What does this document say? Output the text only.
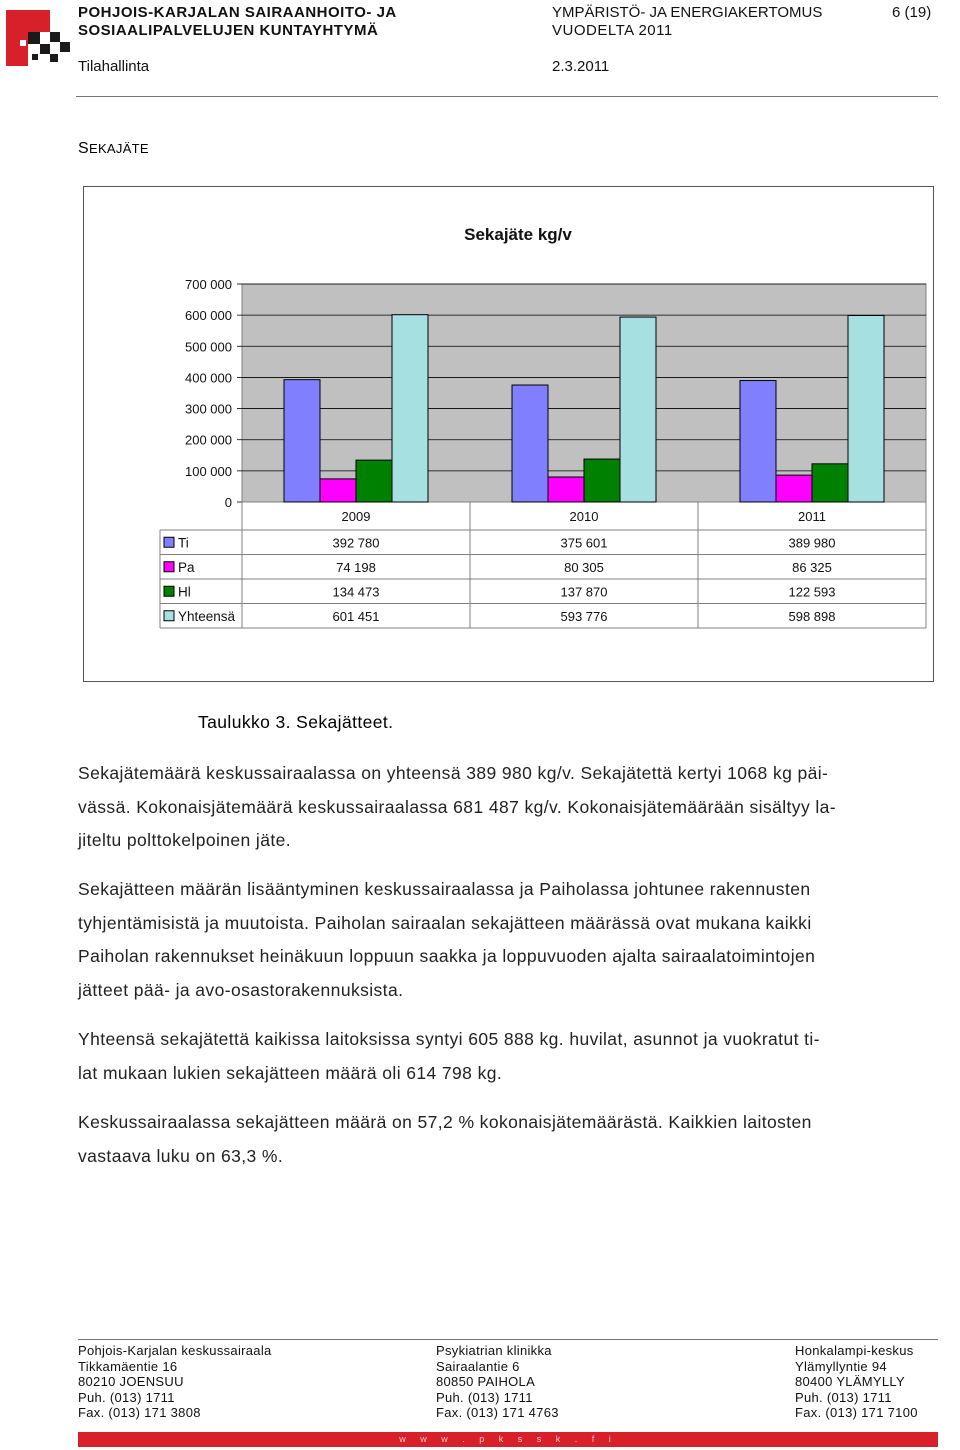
POHJOIS-KARJALAN SAIRAANHOITO- JA
SOSIAALIPALVELUJEN KUNTAYHTYMÄ
YMPÄRISTÖ- JA ENERGIAKERTOMUS
VUODELTA 2011
6 (19)
Tilahallinta	2.3.2011
SEKAJÄTE
Sekajäte kg/v
0
100 000
200 000
300 000
400 000
500 000
600 000
700 000
2009	2010	2011
Ti	392 780	375 601	389 980
Pa	74 198	80 305	86 325
Hl	134 473	137 870	122 593
Yhteensä	601 451	593 776	598 898
Taulukko 3. Sekajätteet.

Sekajätemäärä keskussairaalassa on yhteensä 389 980 kg/v. Sekajätettä kertyi 1068 kg päi-

vässä. Kokonaisjätemäärä keskussairaalassa 681 487 kg/v. Kokonaisjätemäärään sisältyy la-

jiteltu polttokelpoinen jäte.

Sekajätteen määrän lisääntyminen keskussairaalassa ja Paiholassa johtunee rakennusten

tyhjentämisistä ja muutoista. Paiholan sairaalan sekajätteen määrässä ovat mukana kaikki

Paiholan rakennukset heinäkuun loppuun saakka ja loppuvuoden ajalta sairaalatoimintojen

jätteet pää- ja avo-osastorakennuksista.

Yhteensä sekajätettä kaikissa laitoksissa syntyi 605 888 kg. huvilat, asunnot ja vuokratut ti-

lat mukaan lukien sekajätteen määrä oli 614 798 kg.

Keskussairaalassa sekajätteen määrä on 57,2 % kokonaisjätemäärästä. Kaikkien laitosten

vastaava luku on 63,3 %.

Pohjois-Karjalan keskussairaala
Tikkamäentie 16
80210 JOENSUU
Puh. (013) 1711
Fax. (013) 171 3808
Psykiatrian klinikka
Sairaalantie 6
80850 PAIHOLA
Puh. (013) 1711
Fax. (013) 171 4763
Honkalampi-keskus
Ylämyllyntie 94
80400 YLÄMYLLY
Puh. (013) 1711
Fax. (013) 171 7100
w w w . p k s s k . f i
